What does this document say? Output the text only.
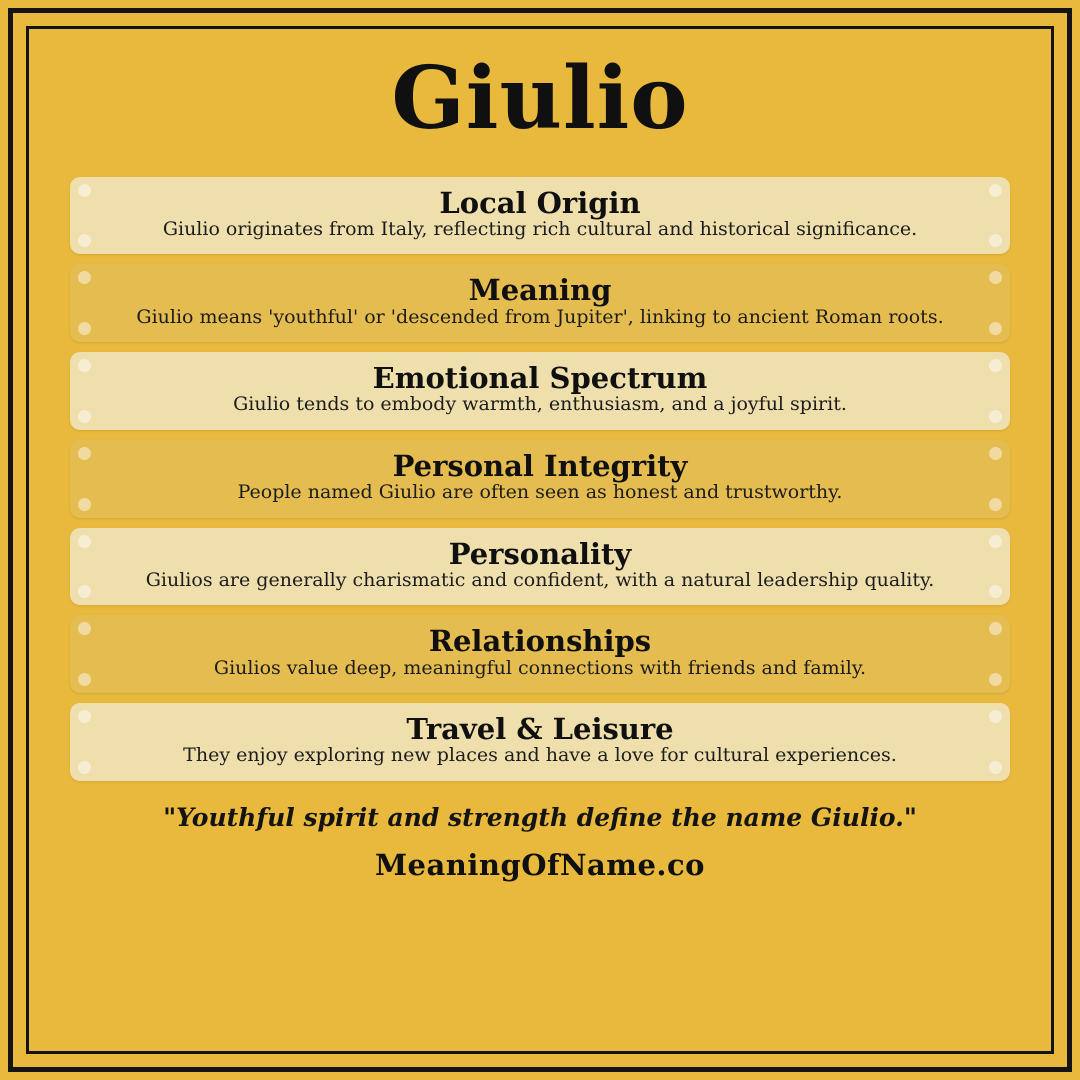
Giulio
Local Origin
Giulio originates from Italy, reflecting rich cultural and historical significance.
Meaning
Giulio means 'youthful' or 'descended from Jupiter', linking to ancient Roman roots.
Emotional Spectrum
Giulio tends to embody warmth, enthusiasm, and a joyful spirit.
Personal Integrity
People named Giulio are often seen as honest and trustworthy.
Personality
Giulios are generally charismatic and confident, with a natural leadership quality.
Relationships
Giulios value deep, meaningful connections with friends and family.
Travel & Leisure
They enjoy exploring new places and have a love for cultural experiences.
"Youthful spirit and strength define the name Giulio."
MeaningOfName.co
